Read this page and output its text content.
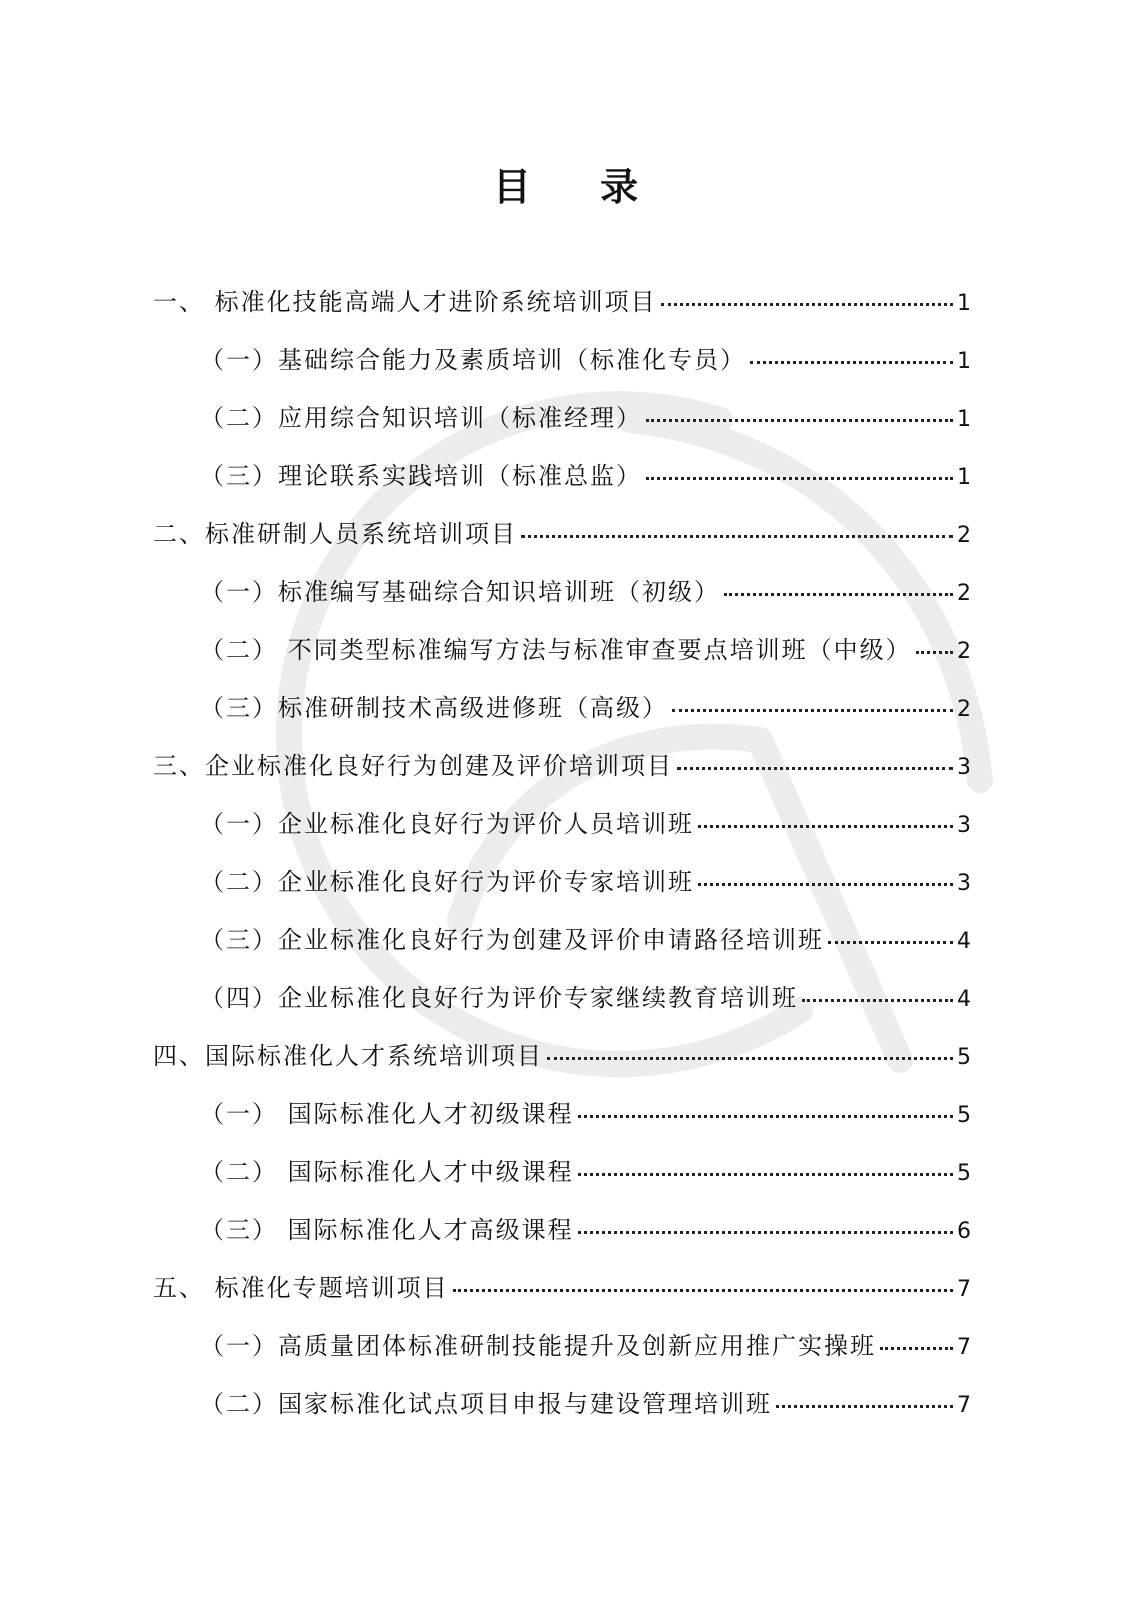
目 录
一、 标准化技能高端人才进阶系统培训项目	1
（一）基础综合能力及素质培训（标准化专员）	1
（二）应用综合知识培训（标准经理）	1
（三）理论联系实践培训（标准总监）	1
二、标准研制人员系统培训项目	2
（一）标准编写基础综合知识培训班（初级）	2
（二） 不同类型标准编写方法与标准审查要点培训班（中级） 2
（三）标准研制技术高级进修班（高级）	2
三、企业标准化良好行为创建及评价培训项目	3
（一）企业标准化良好行为评价人员培训班	3
（二）企业标准化良好行为评价专家培训班	3
（三）企业标准化良好行为创建及评价申请路径培训班	4
（四）企业标准化良好行为评价专家继续教育培训班	4
四、国际标准化人才系统培训项目	5
（一） 国际标准化人才初级课程	5
（二） 国际标准化人才中级课程	5
（三） 国际标准化人才高级课程	6
五、 标准化专题培训项目	7
（一）高质量团体标准研制技能提升及创新应用推广实操班	7
（二）国家标准化试点项目申报与建设管理培训班	7
